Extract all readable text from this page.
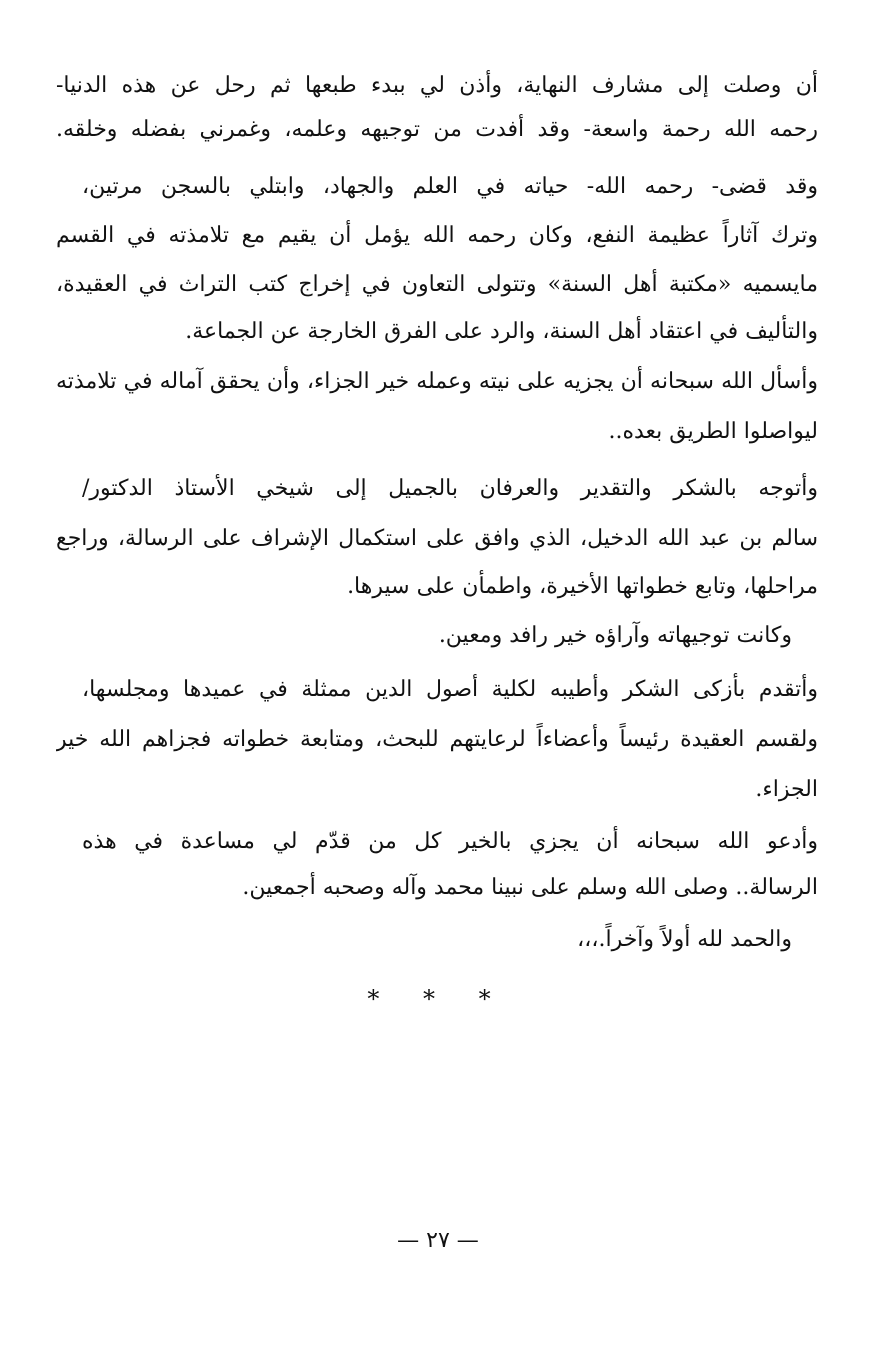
أن وصلت إلى مشارف النهاية، وأذن لي ببدء طبعها ثم رحل عن هذه الدنيا-
رحمه الله رحمة واسعة- وقد أفدت من توجيهه وعلمه، وغمرني بفضله وخلقه.
وقد قضى- رحمه الله- حياته في العلم والجهاد، وابتلي بالسجن مرتين،
وترك آثاراً عظيمة النفع، وكان رحمه الله يؤمل أن يقيم مع تلامذته في القسم
مايسميه «مكتبة أهل السنة» وتتولى التعاون في إخراج كتب التراث في العقيدة،
والتأليف في اعتقاد أهل السنة، والرد على الفرق الخارجة عن الجماعة.
وأسأل الله سبحانه أن يجزيه على نيته وعمله خير الجزاء، وأن يحقق آماله في تلامذته
ليواصلوا الطريق بعده..
وأتوجه بالشكر والتقدير والعرفان بالجميل إلى شيخي الأستاذ الدكتور/
سالم بن عبد الله الدخيل، الذي وافق على استكمال الإشراف على الرسالة، وراجع
مراحلها، وتابع خطواتها الأخيرة، واطمأن على سيرها.
وكانت توجيهاته وآراؤه خير رافد ومعين.
وأتقدم بأزكى الشكر وأطيبه لكلية أصول الدين ممثلة في عميدها ومجلسها،
ولقسم العقيدة رئيساً وأعضاءاً لرعايتهم للبحث، ومتابعة خطواته فجزاهم الله خير
الجزاء.
وأدعو الله سبحانه أن يجزي بالخير كل من قدّم لي مساعدة في هذه
الرسالة.. وصلى الله وسلم على نبينا محمد وآله وصحبه أجمعين.
والحمد لله أولاً وآخراً.،،،
* * *
— ٢٧ —
